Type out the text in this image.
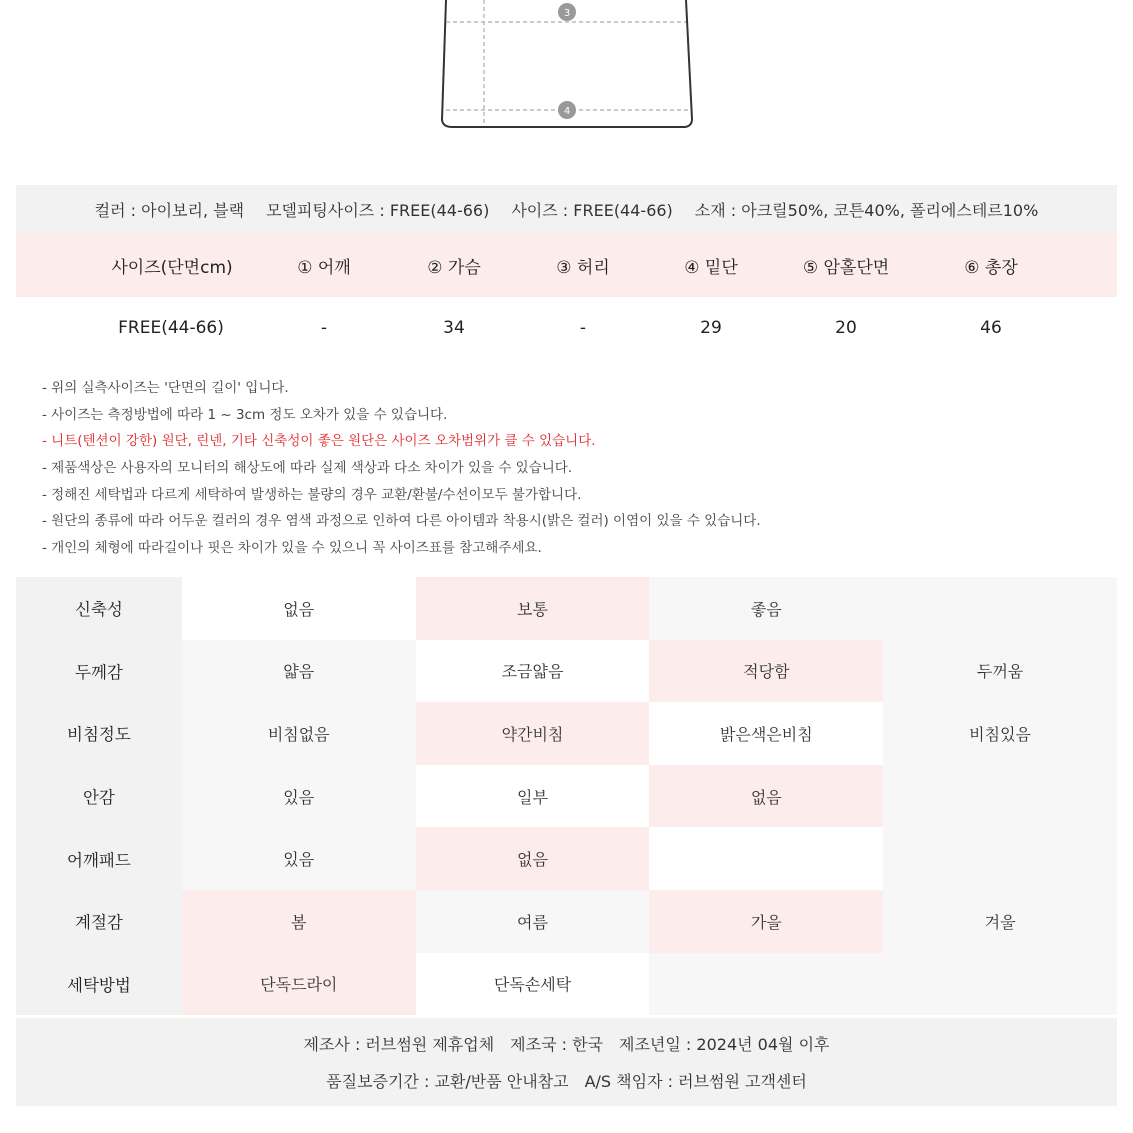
3
4
컬러 : 아이보리, 블랙 모델피팅사이즈 : FREE(44-66) 사이즈 : FREE(44-66) 소재 : 아크릴50%, 코튼40%, 폴리에스테르10%
사이즈(단면cm)	① 어깨	② 가슴	③ 허리	④ 밑단	⑤ 암홀단면	⑥ 총장
FREE(44-66)	-	34	-	29	20	46
- 위의 실측사이즈는 '단면의 길이' 입니다.
- 사이즈는 측정방법에 따라 1 ~ 3cm 정도 오차가 있을 수 있습니다.
- 니트(텐션이 강한) 원단, 린넨, 기타 신축성이 좋은 원단은 사이즈 오차범위가 클 수 있습니다.
- 제품색상은 사용자의 모니터의 해상도에 따라 실제 색상과 다소 차이가 있을 수 있습니다.
- 정해진 세탁법과 다르게 세탁하여 발생하는 불량의 경우 교환/환불/수선이모두 불가합니다.
- 원단의 종류에 따라 어두운 컬러의 경우 염색 과정으로 인하여 다른 아이템과 착용시(밝은 컬러) 이염이 있을 수 있습니다.
- 개인의 체형에 따라길이나 핏은 차이가 있을 수 있으니 꼭 사이즈표를 참고해주세요.
신축성	없음	보통	좋음
두께감	얇음	조금얇음	적당함	두꺼움
비침정도	비침없음	약간비침	밝은색은비침	비침있음
안감	있음	일부	없음
어깨패드	있음	없음
계절감	봄	여름	가을	겨울
세탁방법	단독드라이	단독손세탁
제조사 : 러브썸원 제휴업체 제조국 : 한국 제조년일 : 2024년 04월 이후
품질보증기간 : 교환/반품 안내참고 A/S 책임자 : 러브썸원 고객센터
